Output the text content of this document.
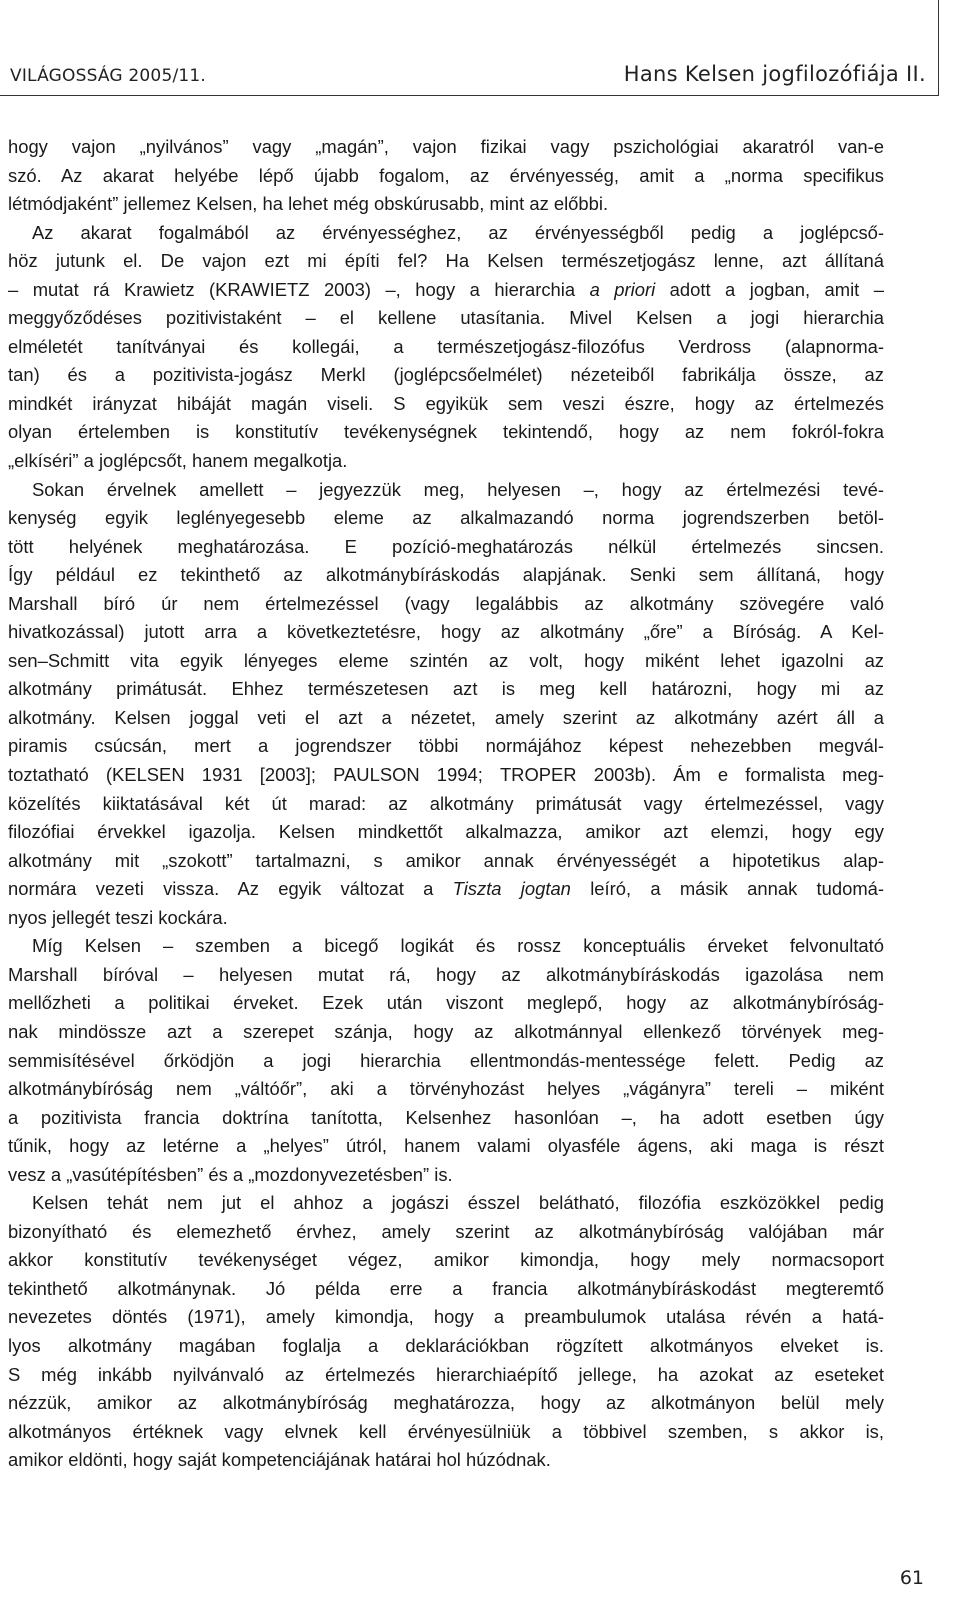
VILÁGOSSÁG 2005/11.	Hans Kelsen jogfilozófiája II.
hogy vajon „nyilvános” vagy „magán”, vajon fizikai vagy pszichológiai akaratról van-e
szó. Az akarat helyébe lépő újabb fogalom, az érvényesség, amit a „norma specifikus
létmódjaként” jellemez Kelsen, ha lehet még obskúrusabb, mint az előbbi.
Az akarat fogalmából az érvényességhez, az érvényességből pedig a joglépcső-
höz jutunk el. De vajon ezt mi építi fel? Ha Kelsen természetjogász lenne, azt állítaná
– mutat rá Krawietz (KRAWIETZ 2003) –, hogy a hierarchia a priori adott a jogban, amit –
meggyőződéses pozitivistaként – el kellene utasítania. Mivel Kelsen a jogi hierarchia
elméletét tanítványai és kollegái, a természetjogász-filozófus Verdross (alapnorma-
tan) és a pozitivista-jogász Merkl (joglépcsőelmélet) nézeteiből fabrikálja össze, az
mindkét irányzat hibáját magán viseli. S egyikük sem veszi észre, hogy az értelmezés
olyan értelemben is konstitutív tevékenységnek tekintendő, hogy az nem fokról-fokra
„elkíséri” a joglépcsőt, hanem megalkotja.
Sokan érvelnek amellett – jegyezzük meg, helyesen –, hogy az értelmezési tevé-
kenység egyik leglényegesebb eleme az alkalmazandó norma jogrendszerben betöl-
tött helyének meghatározása. E pozíció-meghatározás nélkül értelmezés sincsen.
Így például ez tekinthető az alkotmánybíráskodás alapjának. Senki sem állítaná, hogy
Marshall bíró úr nem értelmezéssel (vagy legalábbis az alkotmány szövegére való
hivatkozással) jutott arra a következtetésre, hogy az alkotmány „őre” a Bíróság. A Kel-
sen–Schmitt vita egyik lényeges eleme szintén az volt, hogy miként lehet igazolni az
alkotmány primátusát. Ehhez természetesen azt is meg kell határozni, hogy mi az
alkotmány. Kelsen joggal veti el azt a nézetet, amely szerint az alkotmány azért áll a
piramis csúcsán, mert a jogrendszer többi normájához képest nehezebben megvál-
toztatható (KELSEN 1931 [2003]; PAULSON 1994; TROPER 2003b). Ám e formalista meg-
közelítés kiiktatásával két út marad: az alkotmány primátusát vagy értelmezéssel, vagy
filozófiai érvekkel igazolja. Kelsen mindkettőt alkalmazza, amikor azt elemzi, hogy egy
alkotmány mit „szokott” tartalmazni, s amikor annak érvényességét a hipotetikus alap-
normára vezeti vissza. Az egyik változat a Tiszta jogtan leíró, a másik annak tudomá-
nyos jellegét teszi kockára.
Míg Kelsen – szemben a bicegő logikát és rossz konceptuális érveket felvonultató
Marshall bíróval – helyesen mutat rá, hogy az alkotmánybíráskodás igazolása nem
mellőzheti a politikai érveket. Ezek után viszont meglepő, hogy az alkotmánybíróság-
nak mindössze azt a szerepet szánja, hogy az alkotmánnyal ellenkező törvények meg-
semmisítésével őrködjön a jogi hierarchia ellentmondás-mentessége felett. Pedig az
alkotmánybíróság nem „váltóőr”, aki a törvényhozást helyes „vágányra” tereli – miként
a pozitivista francia doktrína tanította, Kelsenhez hasonlóan –, ha adott esetben úgy
tűnik, hogy az letérne a „helyes” útról, hanem valami olyasféle ágens, aki maga is részt
vesz a „vasútépítésben” és a „mozdonyvezetésben” is.
Kelsen tehát nem jut el ahhoz a jogászi ésszel belátható, filozófia eszközökkel pedig
bizonyítható és elemezhető érvhez, amely szerint az alkotmánybíróság valójában már
akkor konstitutív tevékenységet végez, amikor kimondja, hogy mely normacsoport
tekinthető alkotmánynak. Jó példa erre a francia alkotmánybíráskodást megteremtő
nevezetes döntés (1971), amely kimondja, hogy a preambulumok utalása révén a hatá-
lyos alkotmány magában foglalja a deklarációkban rögzített alkotmányos elveket is.
S még inkább nyilvánvaló az értelmezés hierarchiaépítő jellege, ha azokat az eseteket
nézzük, amikor az alkotmánybíróság meghatározza, hogy az alkotmányon belül mely
alkotmányos értéknek vagy elvnek kell érvényesülniük a többivel szemben, s akkor is,
amikor eldönti, hogy saját kompetenciájának határai hol húzódnak.
61
